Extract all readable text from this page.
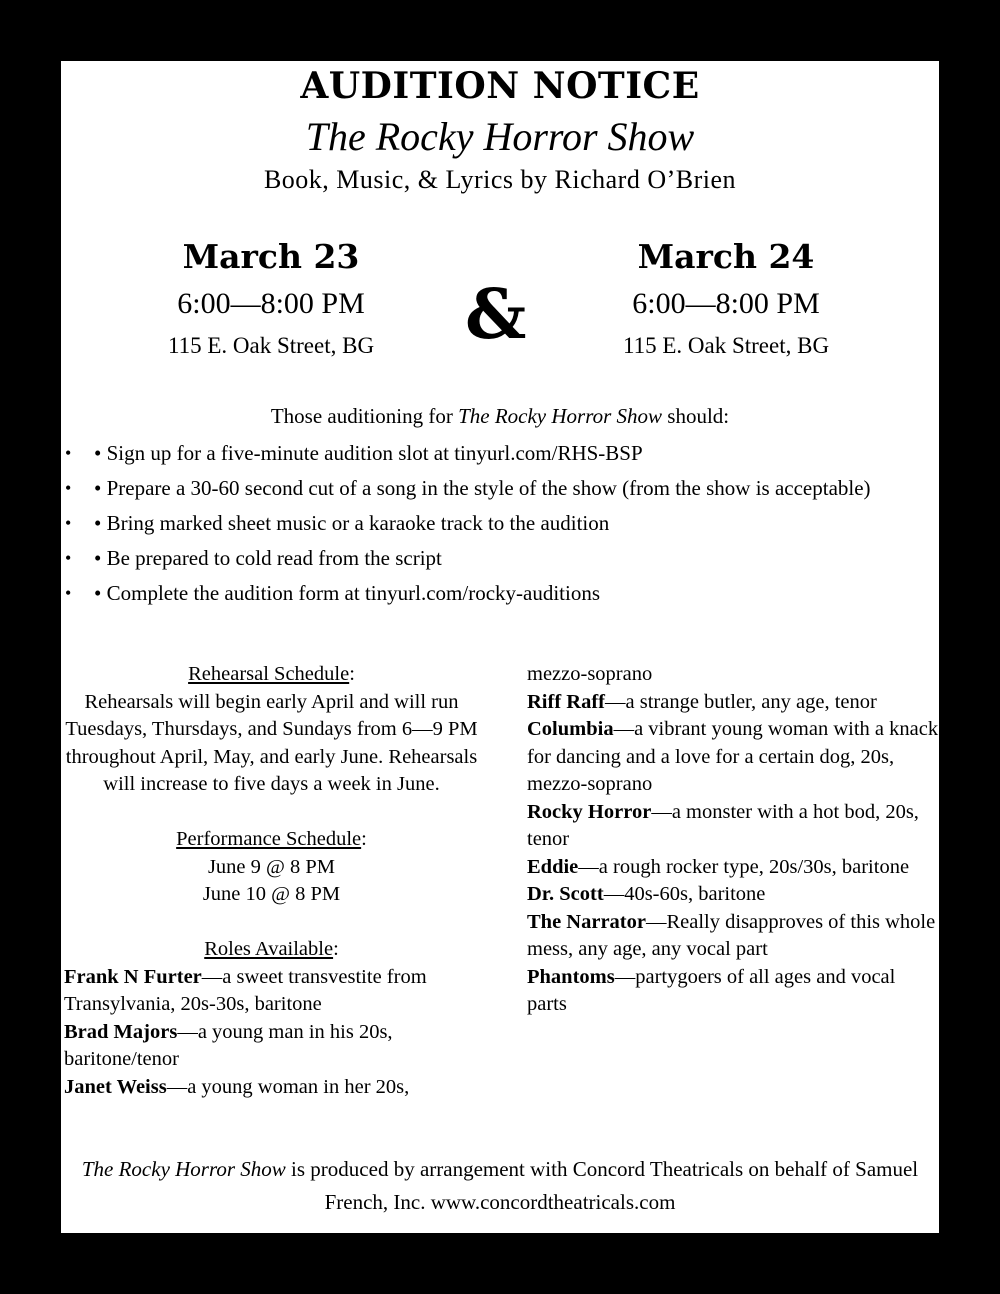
AUDITION NOTICE
The Rocky Horror Show
Book, Music, & Lyrics by Richard O’Brien
March 23
6:00—8:00 PM
115 E. Oak Street, BG	&
March 24
6:00—8:00 PM
115 E. Oak Street, BG
Those auditioning for The Rocky Horror Show should:
• • Sign up for a five-minute audition slot at tinyurl.com/RHS-BSP
• • Prepare a 30-60 second cut of a song in the style of the show (from the show is acceptable)
• • Bring marked sheet music or a karaoke track to the audition
• • Be prepared to cold read from the script
• • Complete the audition form at tinyurl.com/rocky-auditions
Rehearsal Schedule:
Rehearsals will begin early April and will run Tuesdays, Thursdays, and Sundays from 6—9 PM throughout April, May, and early June. Rehearsals will increase to five days a week in June.
Performance Schedule:
June 9 @ 8 PM
June 10 @ 8 PM
Roles Available:
Frank N Furter—a sweet transvestite from Transylvania, 20s-30s, baritone
Brad Majors—a young man in his 20s, baritone/tenor
Janet Weiss—a young woman in her 20s,
mezzo-soprano
Riff Raff—a strange butler, any age, tenor
Columbia—a vibrant young woman with a knack for dancing and a love for a certain dog, 20s, mezzo-soprano
Rocky Horror—a monster with a hot bod, 20s, tenor
Eddie—a rough rocker type, 20s/30s, baritone
Dr. Scott—40s-60s, baritone
The Narrator—Really disapproves of this whole mess, any age, any vocal part
Phantoms—partygoers of all ages and vocal parts
The Rocky Horror Show is produced by arrangement with Concord Theatricals on behalf of Samuel French, Inc. www.concordtheatricals.com
